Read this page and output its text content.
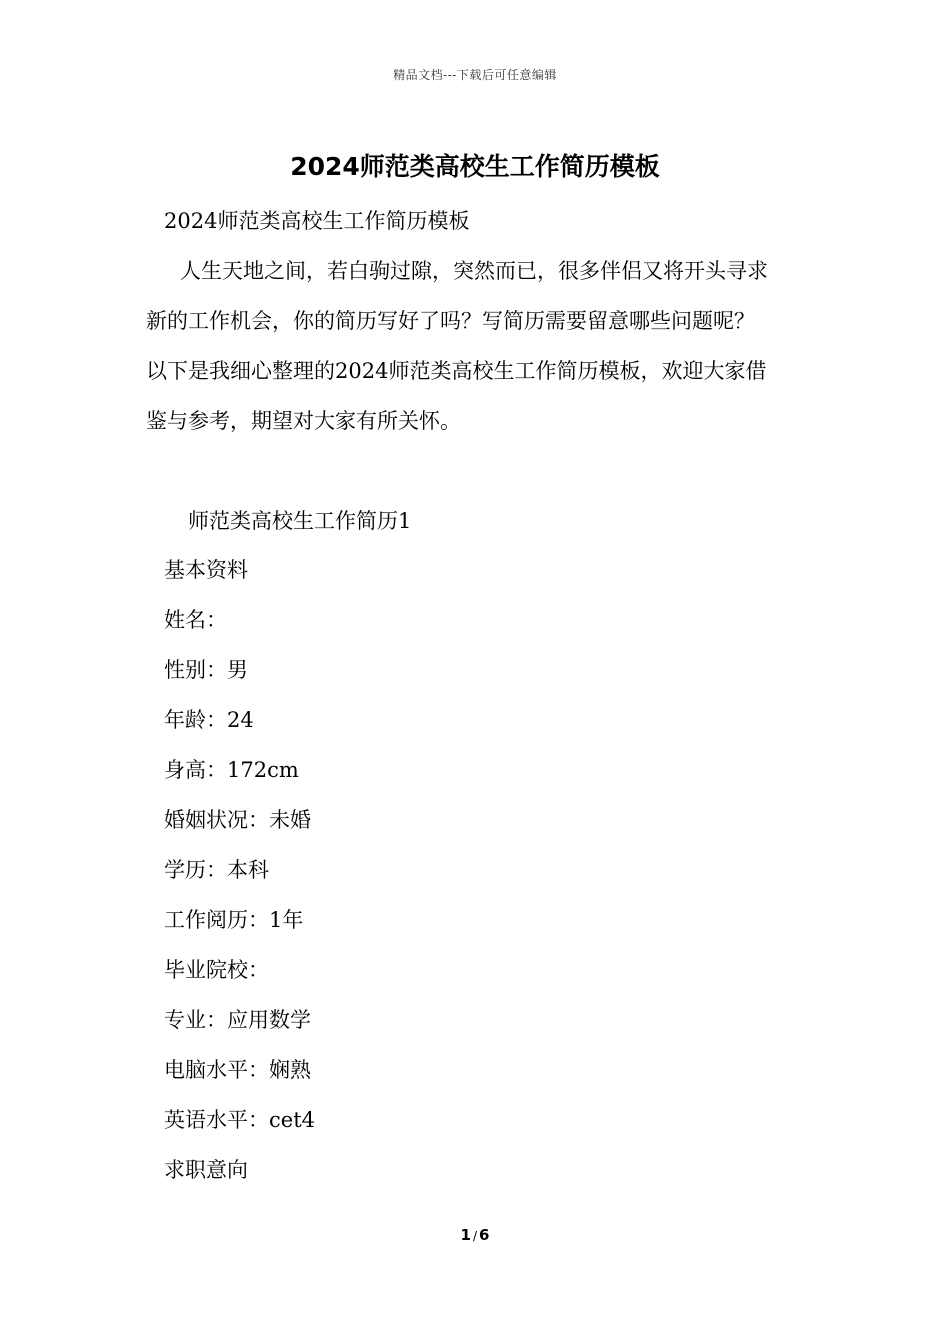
精品文档---下载后可任意编辑
2024师范类高校生工作简历模板
2024师范类高校生工作简历模板
人生天地之间，若白驹过隙，突然而已，很多伴侣又将开头寻求
新的工作机会，你的简历写好了吗？写简历需要留意哪些问题呢？
以下是我细心整理的2024师范类高校生工作简历模板，欢迎大家借
鉴与参考，期望对大家有所关怀。
师范类高校生工作简历1
基本资料
姓名：
性别：男
年龄：24
身高：172cm
婚姻状况：未婚
学历：本科
工作阅历：1年
毕业院校：
专业：应用数学
电脑水平：娴熟
英语水平：cet4
求职意向
1 / 6
